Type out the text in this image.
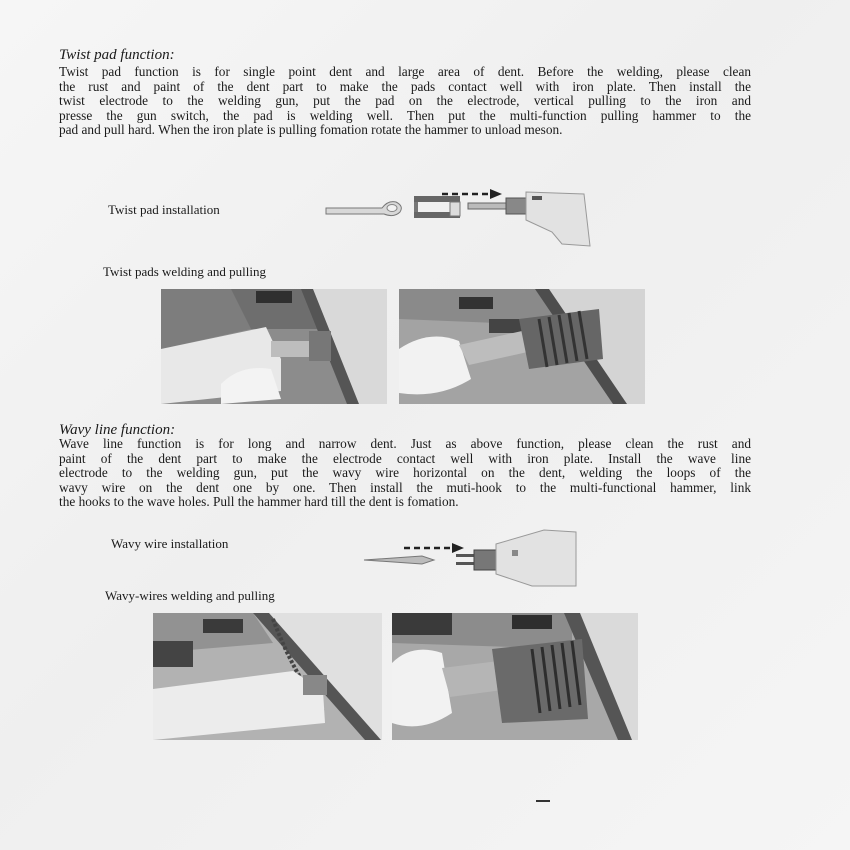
Twist pad function:
Twist pad function is for single point dent and large area of dent. Before the welding, please clean
the rust and paint of the dent part to make the pads contact well with iron plate. Then install the
twist electrode to the welding gun, put the pad on the electrode, vertical pulling to the iron and
presse the gun switch, the pad is welding well. Then put the multi-function pulling hammer to the
pad and pull hard. When the iron plate is pulling fomation rotate the hammer to unload meson.
Twist pad installation
Twist pads welding and pulling
Wavy line function:
Wave line function is for long and narrow dent. Just as above function, please clean the rust and
paint of the dent part to make the electrode contact well with iron plate. Install the wave line
electrode to the welding gun, put the wavy wire horizontal on the dent, welding the loops of the
wavy wire on the dent one by one. Then install the muti-hook to the multi-functional hammer, link
the hooks to the wave holes. Pull the hammer hard till the dent is fomation.
Wavy wire installation
Wavy-wires welding and pulling
